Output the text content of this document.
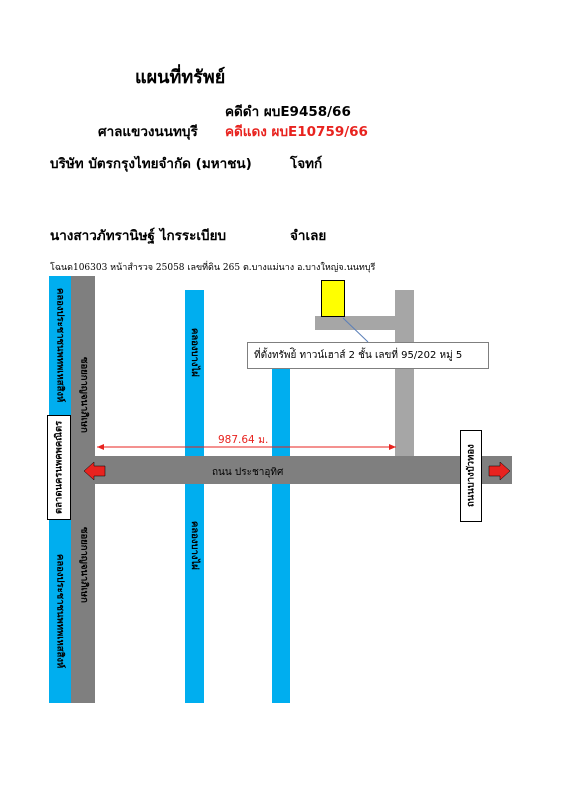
แผนที่ทรัพย์
คดีดำ ผบE9458/66
ศาลแขวงนนทบุรี คดีแดง ผบE10759/66
บริษัท บัตรกรุงไทยจำกัด (มหาชน)	โจทก์
นางสาวภัทรานิษฐ์ ไกรระเบียบ	จำเลย
โฉนด106303 หน้าสำรวจ 25058 เลขที่ดิน 265 ต.บางแม่นาง อ.บางใหญ่จ.นนทบุรี
ที่ตั้งทรัพย์ิ ทาวน์เฮาส์ 2 ชั้น เลขที่ 95/202 หมู่ 5
987.64 ม.
ถนน ประชาอุทิศ
คลองประชาชนพทพเหสสิงห์
คลองประชาชนพทพเหสสิงห์
ตลาดนครนพคพคณิตร
ซอยกาญจนาภิเษก
ซอยกาญจนาภิเษก
คลองบางไผ่
คลองบางไผ่
ถนนบางบัวทอง
